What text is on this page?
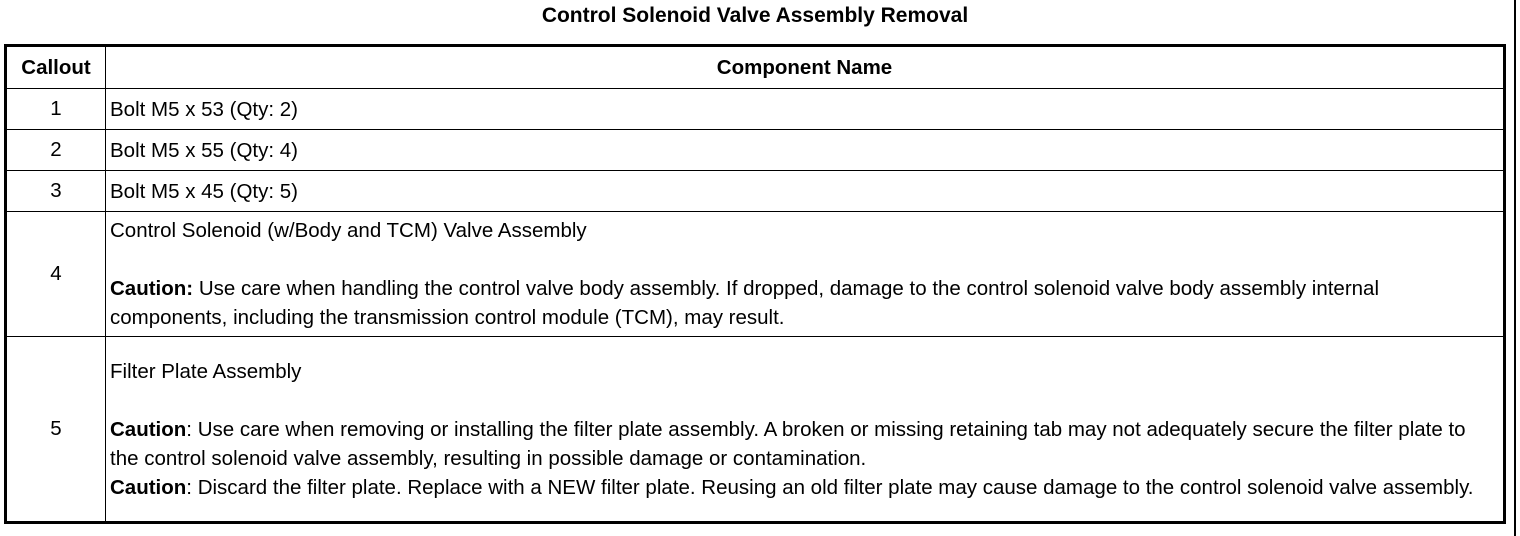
Control Solenoid Valve Assembly Removal
Callout	Component Name
1	Bolt M5 x 53 (Qty: 2)
2	Bolt M5 x 55 (Qty: 4)
3	Bolt M5 x 45 (Qty: 5)
4	Control Solenoid (w/Body and TCM) Valve Assembly

Caution: Use care when handling the control valve body assembly. If dropped, damage to the control solenoid valve body assembly internal components, including the transmission control module (TCM), may result.

5	Filter Plate Assembly

Caution: Use care when removing or installing the filter plate assembly. A broken or missing retaining tab may not adequately secure the filter plate to the control solenoid valve assembly, resulting in possible damage or contamination.

Caution: Discard the filter plate. Replace with a NEW filter plate. Reusing an old filter plate may cause damage to the control solenoid valve assembly.
